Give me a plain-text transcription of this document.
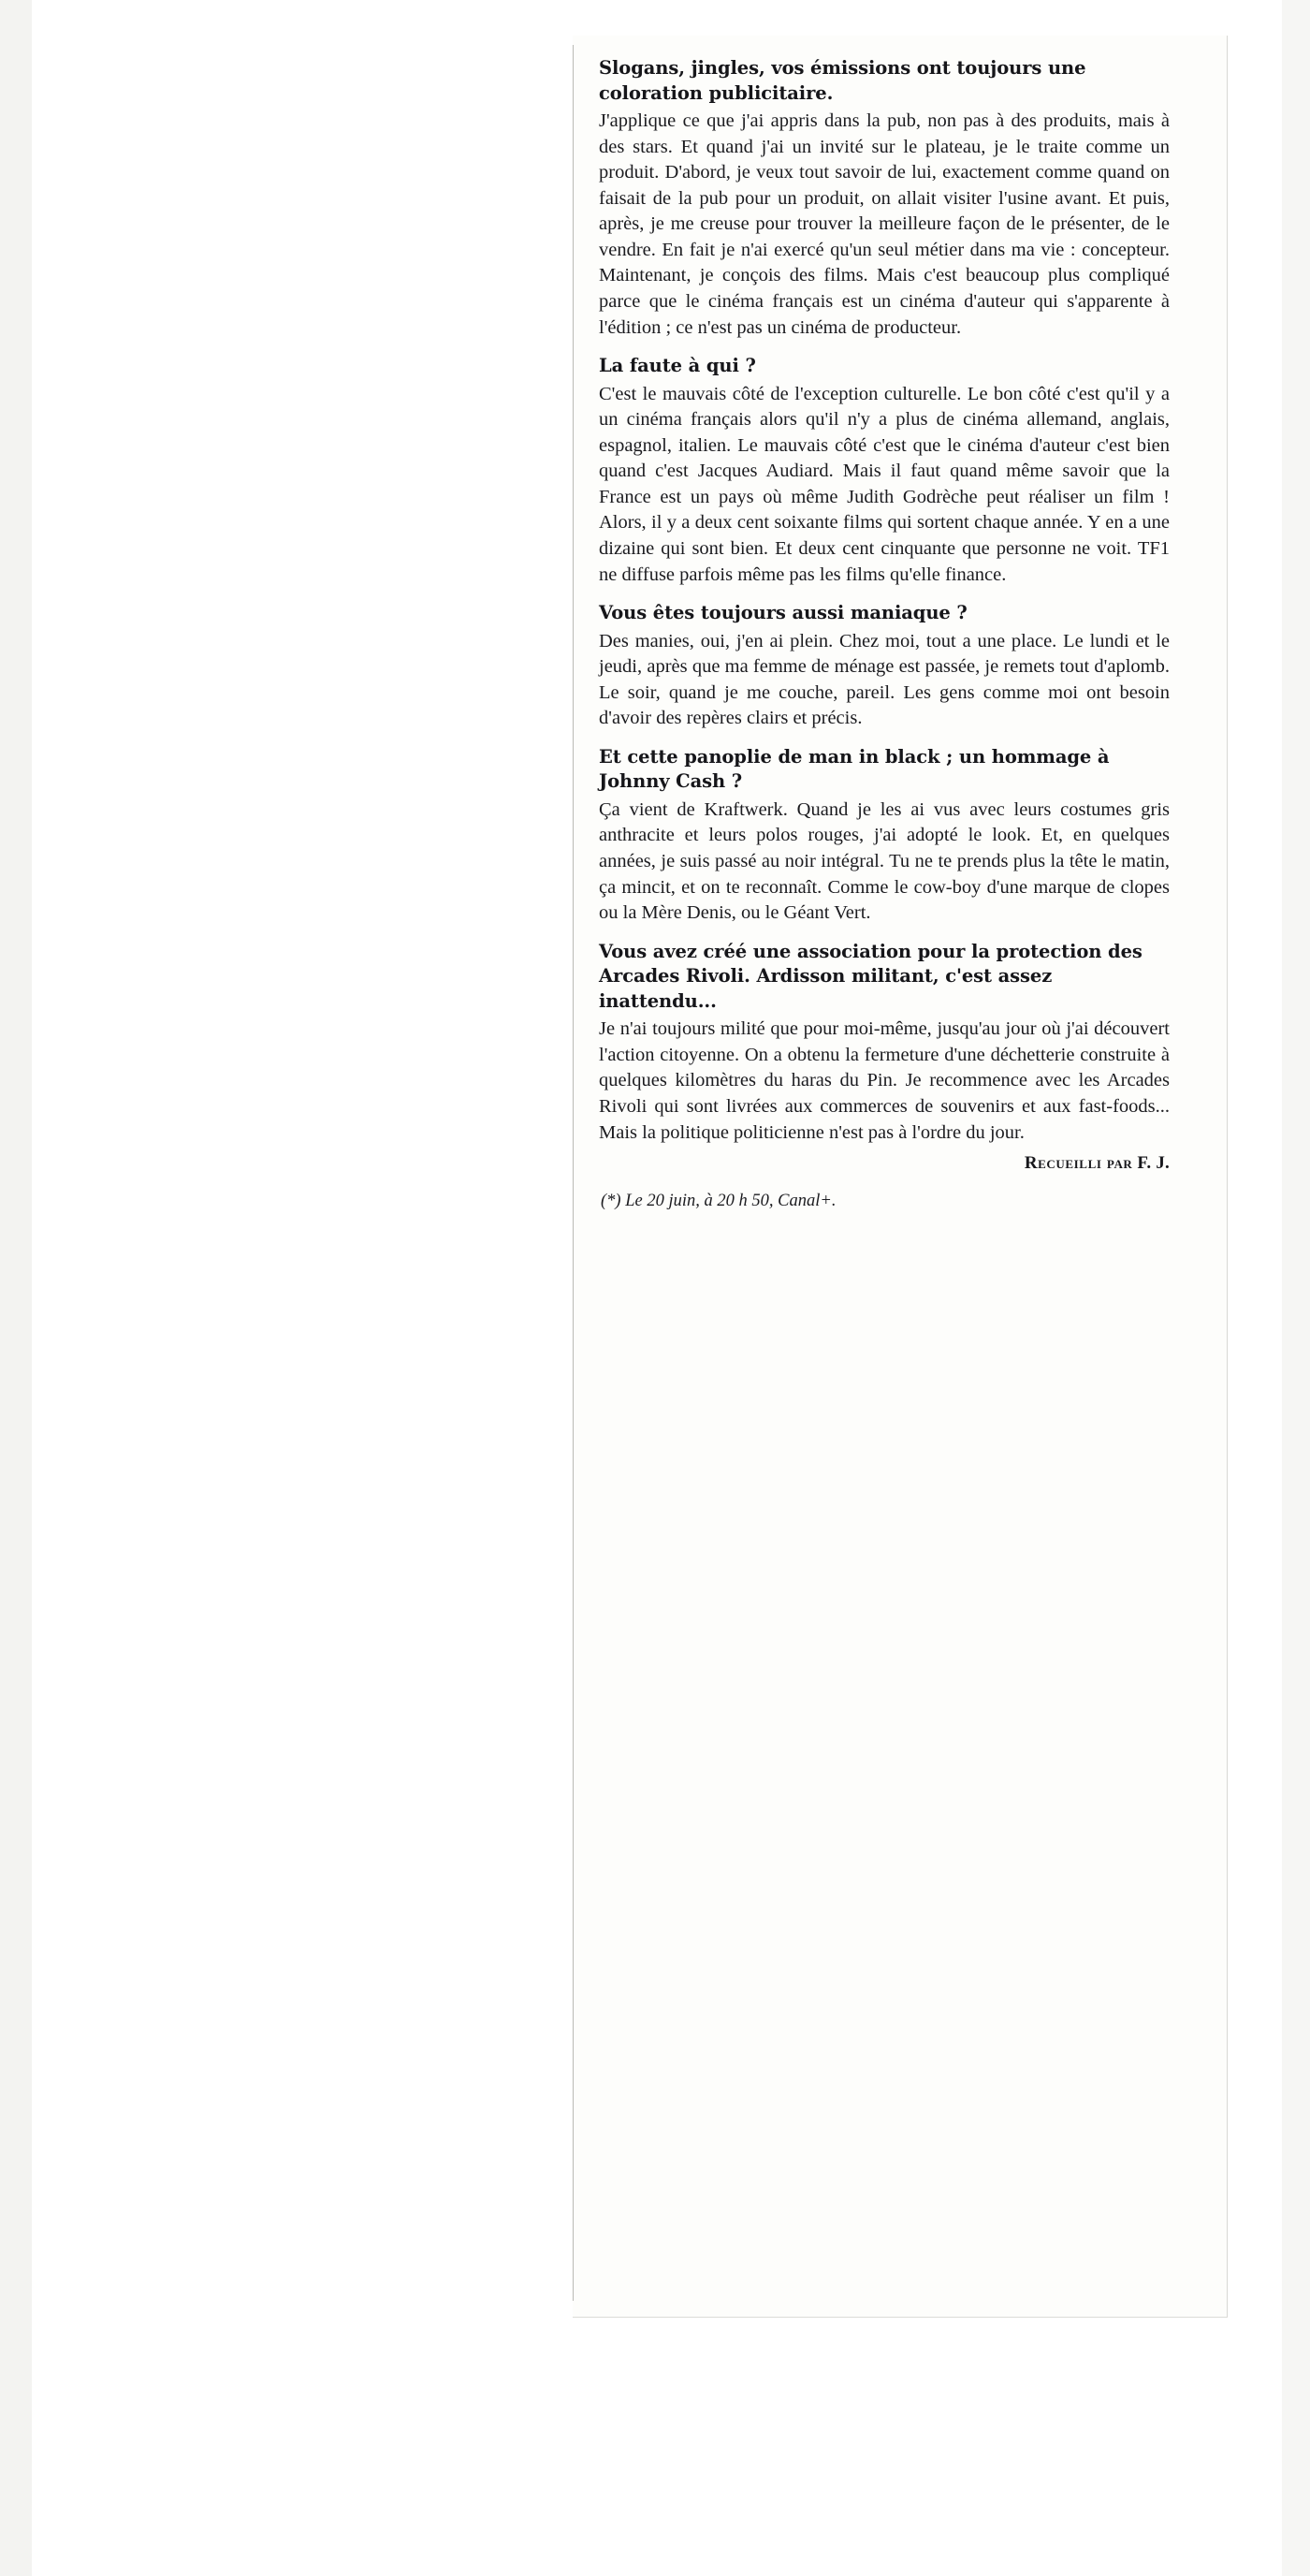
Slogans, jingles, vos émissions ont toujours une coloration publicitaire.

J'applique ce que j'ai appris dans la pub, non pas à des produits, mais à des stars. Et quand j'ai un invité sur le plateau, je le traite comme un produit. D'abord, je veux tout savoir de lui, exactement comme quand on faisait de la pub pour un produit, on allait visiter l'usine avant. Et puis, après, je me creuse pour trouver la meilleure façon de le présenter, de le vendre. En fait je n'ai exercé qu'un seul métier dans ma vie : concepteur. Maintenant, je conçois des films. Mais c'est beaucoup plus compliqué parce que le cinéma français est un cinéma d'auteur qui s'apparente à l'édition ; ce n'est pas un cinéma de producteur.

La faute à qui ?

C'est le mauvais côté de l'exception culturelle. Le bon côté c'est qu'il y a un cinéma français alors qu'il n'y a plus de cinéma allemand, anglais, espagnol, italien. Le mauvais côté c'est que le cinéma d'auteur c'est bien quand c'est Jacques Audiard. Mais il faut quand même savoir que la France est un pays où même Judith Godrèche peut réaliser un film ! Alors, il y a deux cent soixante films qui sortent chaque année. Y en a une dizaine qui sont bien. Et deux cent cinquante que personne ne voit. TF1 ne diffuse parfois même pas les films qu'elle finance.

Vous êtes toujours aussi maniaque ?

Des manies, oui, j'en ai plein. Chez moi, tout a une place. Le lundi et le jeudi, après que ma femme de ménage est passée, je remets tout d'aplomb. Le soir, quand je me couche, pareil. Les gens comme moi ont besoin d'avoir des repères clairs et précis.

Et cette panoplie de man in black ; un hommage à Johnny Cash ?

Ça vient de Kraftwerk. Quand je les ai vus avec leurs costumes gris anthracite et leurs polos rouges, j'ai adopté le look. Et, en quelques années, je suis passé au noir intégral. Tu ne te prends plus la tête le matin, ça mincit, et on te reconnaît. Comme le cow-boy d'une marque de clopes ou la Mère Denis, ou le Géant Vert.

Vous avez créé une association pour la protection des Arcades Rivoli. Ardisson militant, c'est assez inattendu...

Je n'ai toujours milité que pour moi-même, jusqu'au jour où j'ai découvert l'action citoyenne. On a obtenu la fermeture d'une déchetterie construite à quelques kilomètres du haras du Pin. Je recommence avec les Arcades Rivoli qui sont livrées aux commerces de souvenirs et aux fast-foods... Mais la politique politicienne n'est pas à l'ordre du jour.

Recueilli par F. J.

(*) Le 20 juin, à 20 h 50, Canal+.
